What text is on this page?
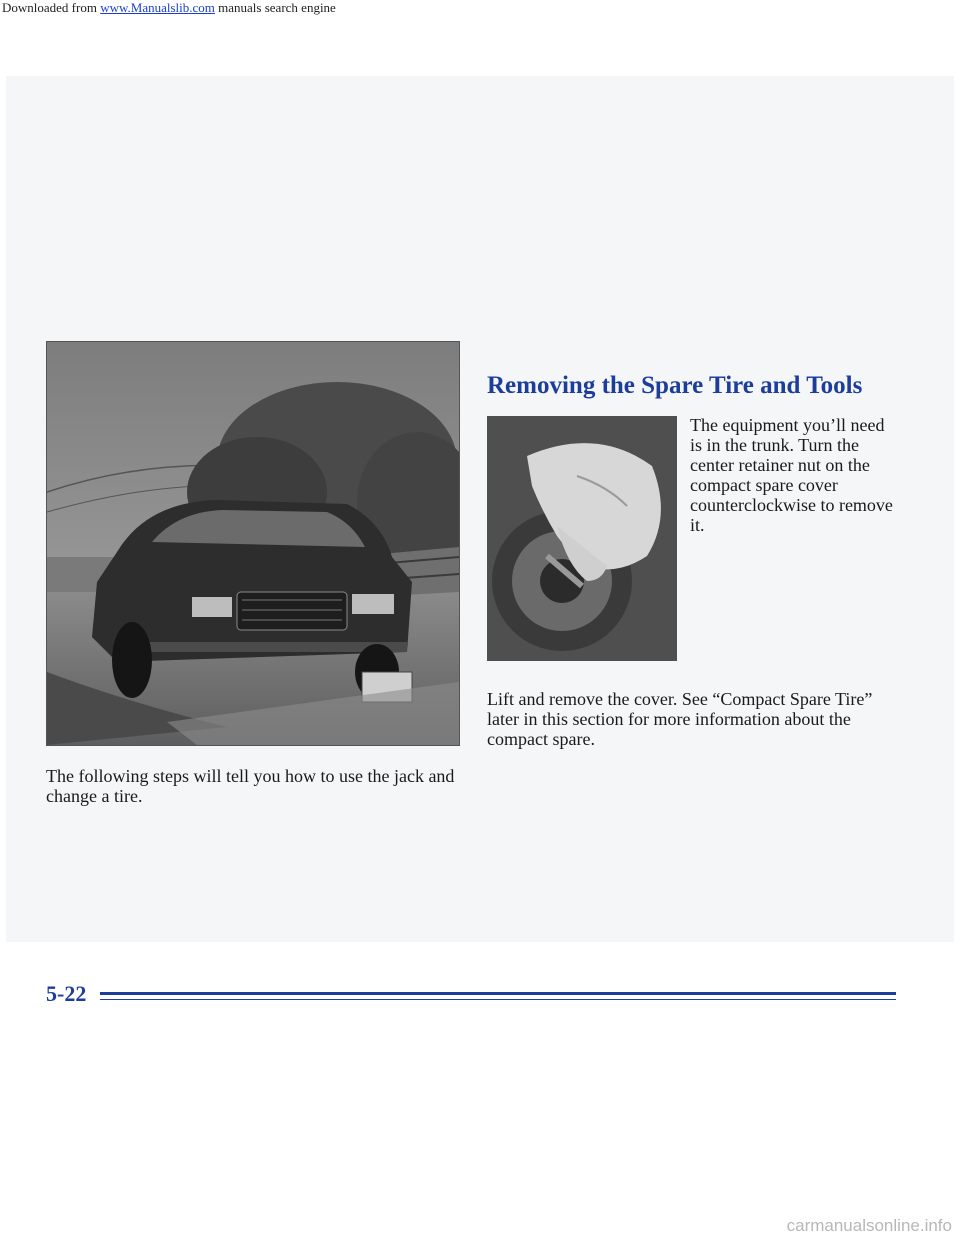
Downloaded from www.Manualslib.com manuals search engine
Removing the Spare Tire and Tools

The equipment you’ll need is in the trunk. Turn the center retainer nut on the compact spare cover counterclockwise to remove it.

Lift and remove the cover. See “Compact Spare Tire” later in this section for more information about the compact spare.

The following steps will tell you how to use the jack and change a tire.

5-22

carmanualsonline.info
